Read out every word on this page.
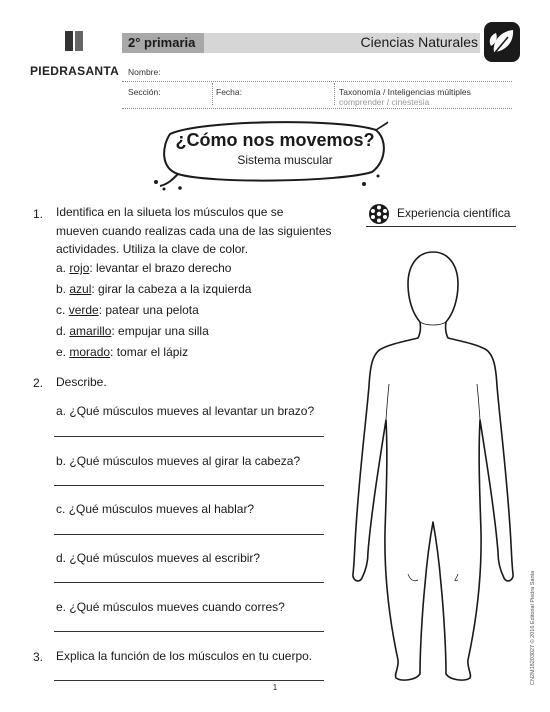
PIEDRASANTA
2° primaria	Ciencias Naturales
Nombre:
Sección:	Fecha:	Taxonomía / Inteligencias múltiples
comprender / cinestesia
¿Cómo nos movemos?
Sistema muscular
1. Identifica en la silueta los músculos que se
mueven cuando realizas cada una de las siguientes
actividades. Utiliza la clave de color.
a. rojo: levantar el brazo derecho
b. azul: girar la cabeza a la izquierda
c. verde: patear una pelota
d. amarillo: empujar una silla
e. morado: tomar el lápiz
2. Describe.
a. ¿Qué músculos mueves al levantar un brazo?
b. ¿Qué músculos mueves al girar la cabeza?
c. ¿Qué músculos mueves al hablar?
d. ¿Qué músculos mueves al escribir?
e. ¿Qué músculos mueves cuando corres?
3. Explica la función de los músculos en tu cuerpo.
Experiencia científica
CN2M18203027 © 2016 Editorial Piedra Santa
1
